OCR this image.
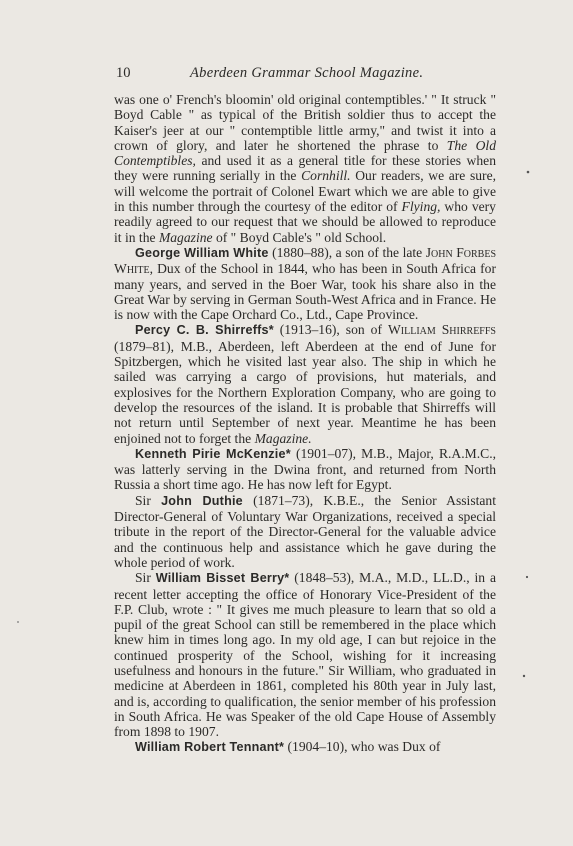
10	Aberdeen Grammar School Magazine.

was one o' French's bloomin' old original contemptibles.' " It struck " Boyd Cable " as typical of the British soldier thus to accept the Kaiser's jeer at our " contemptible little army," and twist it into a crown of glory, and later he shortened the phrase to The Old Contemptibles, and used it as a general title for these stories when they were running serially in the Cornhill. Our readers, we are sure, will welcome the portrait of Colonel Ewart which we are able to give in this number through the courtesy of the editor of Flying, who very readily agreed to our request that we should be allowed to reproduce it in the Magazine of " Boyd Cable's " old School.

George William White (1880–88), a son of the late John Forbes White, Dux of the School in 1844, who has been in South Africa for many years, and served in the Boer War, took his share also in the Great War by serving in German South-West Africa and in France. He is now with the Cape Orchard Co., Ltd., Cape Province.

Percy C. B. Shirreffs* (1913–16), son of William Shirreffs (1879–81), M.B., Aberdeen, left Aberdeen at the end of June for Spitzbergen, which he visited last year also. The ship in which he sailed was carrying a cargo of provisions, hut materials, and explosives for the Northern Exploration Company, who are going to develop the resources of the island. It is probable that Shirreffs will not return until September of next year. Meantime he has been enjoined not to forget the Magazine.

Kenneth Pirie McKenzie* (1901–07), M.B., Major, R.A.M.C., was latterly serving in the Dwina front, and returned from North Russia a short time ago. He has now left for Egypt.

Sir John Duthie (1871–73), K.B.E., the Senior Assistant Director-General of Voluntary War Organizations, received a special tribute in the report of the Director-General for the valuable advice and the continuous help and assistance which he gave during the whole period of work.

Sir William Bisset Berry* (1848–53), M.A., M.D., LL.D., in a recent letter accepting the office of Honorary Vice-President of the F.P. Club, wrote : " It gives me much pleasure to learn that so old a pupil of the great School can still be remembered in the place which knew him in times long ago. In my old age, I can but rejoice in the continued prosperity of the School, wishing for it increasing usefulness and honours in the future." Sir William, who graduated in medicine at Aberdeen in 1861, completed his 80th year in July last, and is, according to qualification, the senior member of his profession in South Africa. He was Speaker of the old Cape House of Assembly from 1898 to 1907.

William Robert Tennant* (1904–10), who was Dux of
